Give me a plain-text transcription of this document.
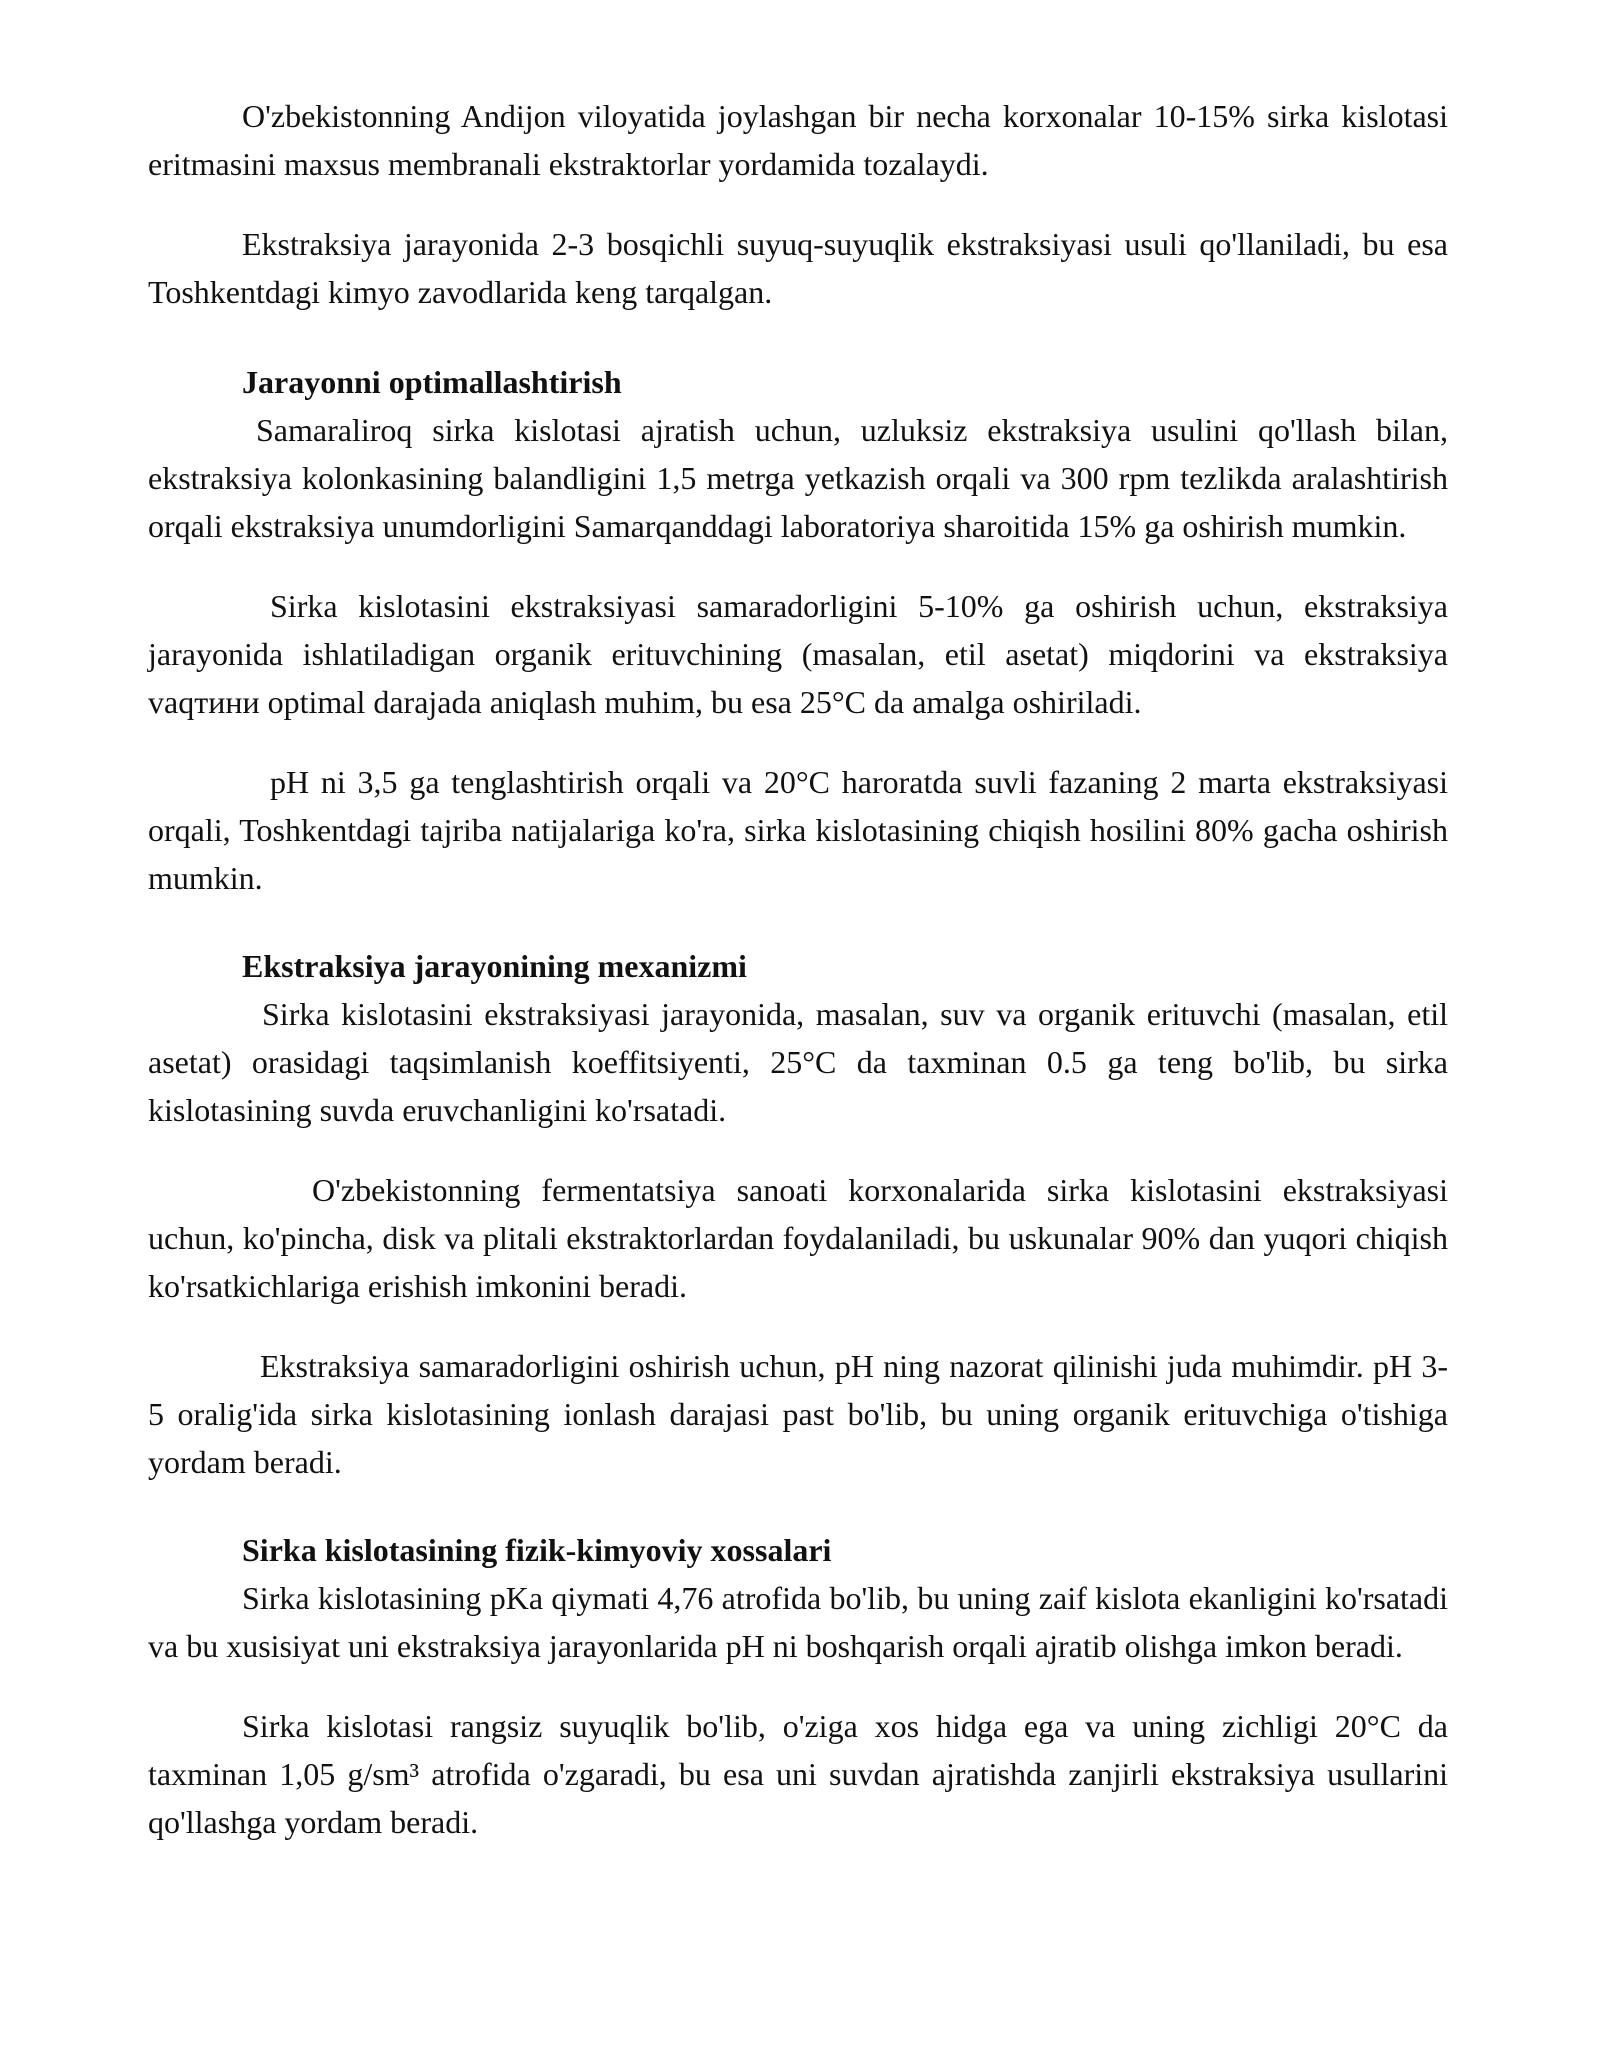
O'zbekistonning Andijon viloyatida joylashgan bir necha korxonalar 10-15% sirka kislotasi eritmasini maxsus membranali ekstraktorlar yordamida tozalaydi.

Ekstraksiya jarayonida 2-3 bosqichli suyuq-suyuqlik ekstraksiyasi usuli qo'llaniladi, bu esa Toshkentdagi kimyo zavodlarida keng tarqalgan.

Jarayonni optimallashtirish

Samaraliroq sirka kislotasi ajratish uchun, uzluksiz ekstraksiya usulini qo'llash bilan, ekstraksiya kolonkasining balandligini 1,5 metrga yetkazish orqali va 300 rpm tezlikda aralashtirish orqali ekstraksiya unumdorligini Samarqanddagi laboratoriya sharoitida 15% ga oshirish mumkin.

Sirka kislotasini ekstraksiyasi samaradorligini 5-10% ga oshirish uchun, ekstraksiya jarayonida ishlatiladigan organik erituvchining (masalan, etil asetat) miqdorini va ekstraksiya vaqтини optimal darajada aniqlash muhim, bu esa 25°C da amalga oshiriladi.

pH ni 3,5 ga tenglashtirish orqali va 20°C haroratda suvli fazaning 2 marta ekstraksiyasi orqali, Toshkentdagi tajriba natijalariga ko'ra, sirka kislotasining chiqish hosilini 80% gacha oshirish mumkin.

Ekstraksiya jarayonining mexanizmi

Sirka kislotasini ekstraksiyasi jarayonida, masalan, suv va organik erituvchi (masalan, etil asetat) orasidagi taqsimlanish koeffitsiyenti, 25°C da taxminan 0.5 ga teng bo'lib, bu sirka kislotasining suvda eruvchanligini ko'rsatadi.

O'zbekistonning fermentatsiya sanoati korxonalarida sirka kislotasini ekstraksiyasi uchun, ko'pincha, disk va plitali ekstraktorlardan foydalaniladi, bu uskunalar 90% dan yuqori chiqish ko'rsatkichlariga erishish imkonini beradi.

Ekstraksiya samaradorligini oshirish uchun, pH ning nazorat qilinishi juda muhimdir. pH 3-5 oralig'ida sirka kislotasining ionlash darajasi past bo'lib, bu uning organik erituvchiga o'tishiga yordam beradi.

Sirka kislotasining fizik-kimyoviy xossalari

Sirka kislotasining pKa qiymati 4,76 atrofida bo'lib, bu uning zaif kislota ekanligini ko'rsatadi va bu xusisiyat uni ekstraksiya jarayonlarida pH ni boshqarish orqali ajratib olishga imkon beradi.

Sirka kislotasi rangsiz suyuqlik bo'lib, o'ziga xos hidga ega va uning zichligi 20°C da taxminan 1,05 g/sm³ atrofida o'zgaradi, bu esa uni suvdan ajratishda zanjirli ekstraksiya usullarini qo'llashga yordam beradi.
